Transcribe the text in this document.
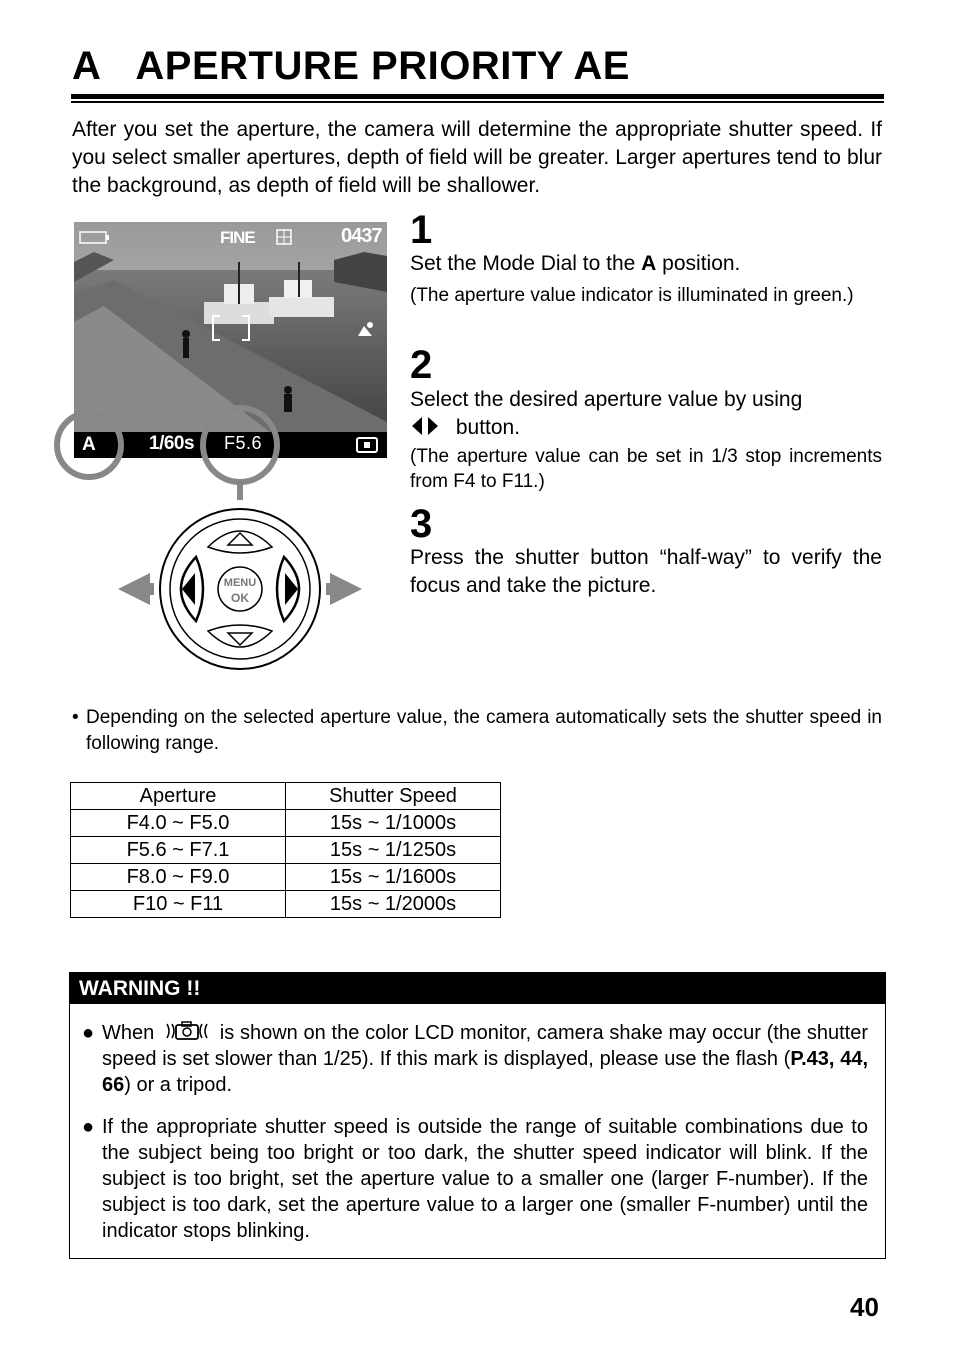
A APERTURE PRIORITY AE
After you set the aperture, the camera will determine the appropriate shutter speed. If you select smaller apertures, depth of field will be greater. Larger apertures tend to blur the background, as depth of field will be shallower.
FINE	0437
A	1/60s F5.6
MENU
OK
1
Set the Mode Dial to the A position.
(The aperture value indicator is illuminated in green.)
2
Select the desired aperture value by using
button.
(The aperture value can be set in 1/3 stop increments from F4 to F11.)
3
Press the shutter button “half-way” to verify the focus and take the picture.
• Depending on the selected aperture value, the camera automatically sets the shutter speed in following range.
Aperture	Shutter Speed
F4.0 ~ F5.0	15s ~ 1/1000s
F5.6 ~ F7.1	15s ~ 1/1250s
F8.0 ~ F9.0	15s ~ 1/1600s
F10 ~ F11	15s ~ 1/2000s
WARNING !!
● When	is shown on the color LCD monitor, camera shake may occur (the shutter speed is set slower than 1/25). If this mark is displayed, please use the flash (P.43, 44, 66) or a tripod.
● If the appropriate shutter speed is outside the range of suitable combinations due to the subject being too bright or too dark, the shutter speed indicator will blink. If the subject is too bright, set the aperture value to a smaller one (larger F-number). If the subject is too dark, set the aperture value to a larger one (smaller F-number) until the indicator stops blinking.
40
